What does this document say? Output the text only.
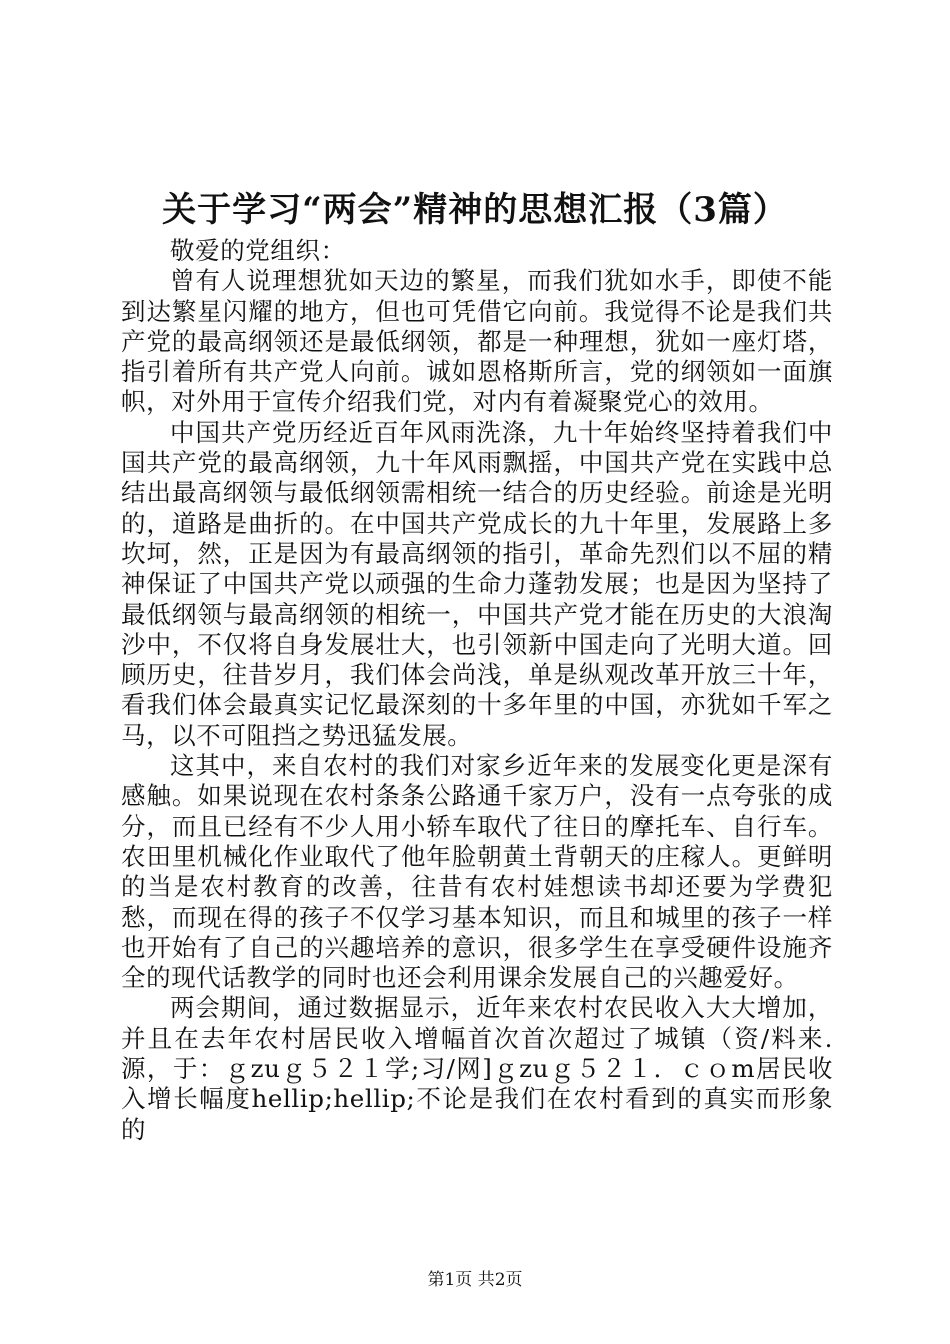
关于学习“两会”精神的思想汇报（3篇）

敬爱的党组织：

曾有人说理想犹如天边的繁星，而我们犹如水手，即使不能到达繁星闪耀的地方，但也可凭借它向前。我觉得不论是我们共产党的最高纲领还是最低纲领，都是一种理想，犹如一座灯塔，指引着所有共产党人向前。诚如恩格斯所言，党的纲领如一面旗帜，对外用于宣传介绍我们党，对内有着凝聚党心的效用。

中国共产党历经近百年风雨洗涤，九十年始终坚持着我们中国共产党的最高纲领，九十年风雨飘摇，中国共产党在实践中总结出最高纲领与最低纲领需相统一结合的历史经验。前途是光明的，道路是曲折的。在中国共产党成长的九十年里，发展路上多坎坷，然，正是因为有最高纲领的指引，革命先烈们以不屈的精神保证了中国共产党以顽强的生命力蓬勃发展；也是因为坚持了最低纲领与最高纲领的相统一，中国共产党才能在历史的大浪淘沙中，不仅将自身发展壮大，也引领新中国走向了光明大道。回顾历史，往昔岁月，我们体会尚浅，单是纵观改革开放三十年，看我们体会最真实记忆最深刻的十多年里的中国，亦犹如千军之马，以不可阻挡之势迅猛发展。

这其中，来自农村的我们对家乡近年来的发展变化更是深有感触。如果说现在农村条条公路通千家万户，没有一点夸张的成分，而且已经有不少人用小轿车取代了往日的摩托车、自行车。农田里机械化作业取代了他年脸朝黄土背朝天的庄稼人。更鲜明的当是农村教育的改善，往昔有农村娃想读书却还要为学费犯愁，而现在得的孩子不仅学习基本知识，而且和城里的孩子一样也开始有了自己的兴趣培养的意识，很多学生在享受硬件设施齐全的现代话教学的同时也还会利用课余发展自己的兴趣爱好。

两会期间，通过数据显示，近年来农村农民收入大大增加，并且在去年农村居民收入增幅首次首次超过了城镇（资/料来.源，于：ｇzuｇ５２１学;习/网]ｇzuｇ５２１．ｃｏm居民收入增长幅度hellip;hellip;不论是我们在农村看到的真实而形象的

第1页 共2页
